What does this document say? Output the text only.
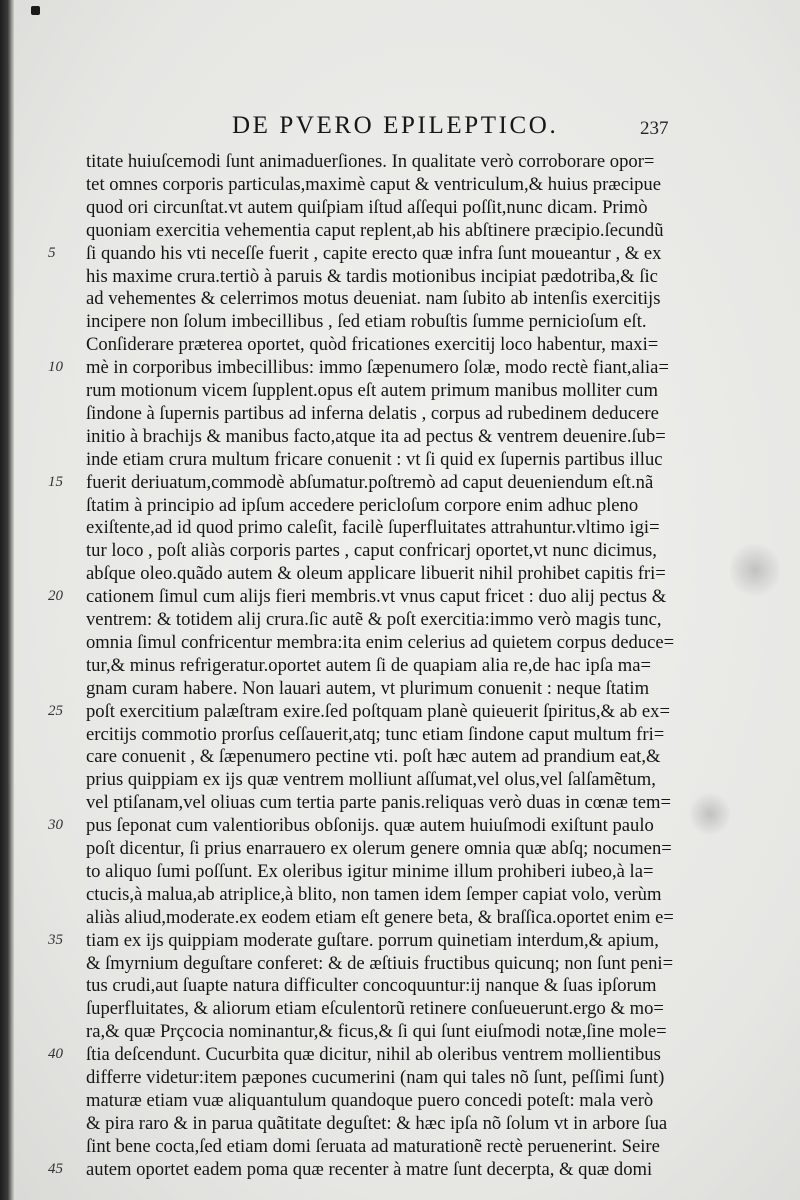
DE PVERO EPILEPTICO.	237
titate huiuſcemodi ſunt animaduerſiones. In qualitate verò corroborare opor=
tet omnes corporis particulas,maximè caput & ventriculum,& huius præcipue
quod ori circunſtat.vt autem quiſpiam iſtud aſſequi poſſit,nunc dicam. Primò
quoniam exercitia vehementia caput replent,ab his abſtinere præcipio.ſecundũ
5	ſi quando his vti neceſſe fuerit , capite erecto quæ infra ſunt moueantur , & ex
his maxime crura.tertiò à paruis & tardis motionibus incipiat pædotriba,& ſic
ad vehementes & celerrimos motus deueniat. nam ſubito ab intenſis exercitijs
incipere non ſolum imbecillibus , ſed etiam robuſtis ſumme pernicioſum eſt.
Conſiderare præterea oportet, quòd fricationes exercitij loco habentur, maxi=
10	mè in corporibus imbecillibus: immo ſæpenumero ſolæ, modo rectè fiant,alia=
rum motionum vicem ſupplent.opus eſt autem primum manibus molliter cum
ſindone à ſupernis partibus ad inferna delatis , corpus ad rubedinem deducere
initio à brachijs & manibus facto,atque ita ad pectus & ventrem deuenire.ſub=
inde etiam crura multum fricare conuenit : vt ſi quid ex ſupernis partibus illuc
15	fuerit deriuatum,commodè abſumatur.poſtremò ad caput deueniendum eſt.nã
ſtatim à principio ad ipſum accedere pericloſum corpore enim adhuc pleno
exiſtente,ad id quod primo caleſit, facilè ſuperfluitates attrahuntur.vltimo igi=
tur loco , poſt aliàs corporis partes , caput confricarj oportet,vt nunc dicimus,
abſque oleo.quãdo autem & oleum applicare libuerit nihil prohibet capitis fri=
20	cationem ſimul cum alijs fieri membris.vt vnus caput fricet : duo alij pectus &
ventrem: & totidem alij crura.ſic autẽ & poſt exercitia:immo verò magis tunc,
omnia ſimul confricentur membra:ita enim celerius ad quietem corpus deduce=
tur,& minus refrigeratur.oportet autem ſi de quapiam alia re,de hac ipſa ma=
gnam curam habere. Non lauari autem, vt plurimum conuenit : neque ſtatim
25	poſt exercitium palæſtram exire.ſed poſtquam planè quieuerit ſpiritus,& ab ex=
ercitijs commotio prorſus ceſſauerit,atq; tunc etiam ſindone caput multum fri=
care conuenit , & ſæpenumero pectine vti. poſt hæc autem ad prandium eat,&
prius quippiam ex ijs quæ ventrem molliunt aſſumat,vel olus,vel ſalſamẽtum,
vel ptiſanam,vel oliuas cum tertia parte panis.reliquas verò duas in cœnæ tem=
30	pus ſeponat cum valentioribus obſonijs. quæ autem huiuſmodi exiſtunt paulo
poſt dicentur, ſi prius enarrauero ex olerum genere omnia quæ abſq; nocumen=
to aliquo ſumi poſſunt. Ex oleribus igitur minime illum prohiberi iubeo,à la=
ctucis,à malua,ab atriplice,à blito, non tamen idem ſemper capiat volo, verùm
aliàs aliud,moderate.ex eodem etiam eſt genere beta, & braſſica.oportet enim e=
35	tiam ex ijs quippiam moderate guſtare. porrum quinetiam interdum,& apium,
& ſmyrnium deguſtare conferet: & de æſtiuis fructibus quicunq; non ſunt peni=
tus crudi,aut ſuapte natura difficulter concoquuntur:ij nanque & ſuas ipſorum
ſuperfluitates, & aliorum etiam eſculentorũ retinere conſueuerunt.ergo & mo=
ra,& quæ Prçcocia nominantur,& ficus,& ſi qui ſunt eiuſmodi notæ,ſine mole=
40	ſtia deſcendunt. Cucurbita quæ dicitur, nihil ab oleribus ventrem mollientibus
differre videtur:item pæpones cucumerini (nam qui tales nõ ſunt, peſſimi ſunt)
maturæ etiam vuæ aliquantulum quandoque puero concedi poteſt: mala verò
& pira raro & in parua quãtitate deguſtet: & hæc ipſa nõ ſolum vt in arbore ſua
ſint bene cocta,ſed etiam domi ſeruata ad maturationẽ rectè peruenerint. Seire
45	autem oportet eadem poma quæ recenter à matre ſunt decerpta, & quæ domi
